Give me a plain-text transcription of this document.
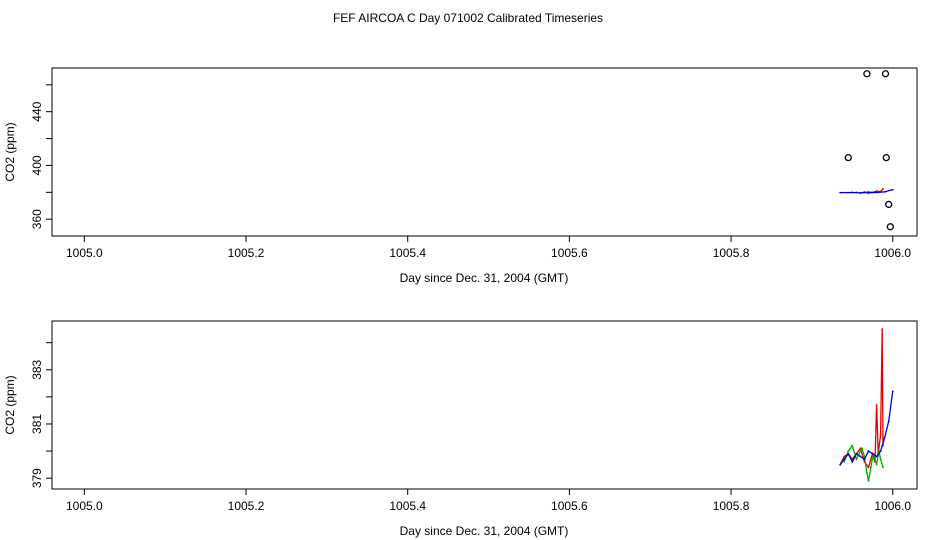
FEF AIRCOA C Day 071002 Calibrated Timeseries
1005.0	1005.2	1005.4	1005.6	1005.8	1006.0
360
400
440
Day since Dec. 31, 2004 (GMT)
CO2 (ppm)
1005.0	1005.2	1005.4	1005.6	1005.8	1006.0
379
381
383
Day since Dec. 31, 2004 (GMT)
CO2 (ppm)
